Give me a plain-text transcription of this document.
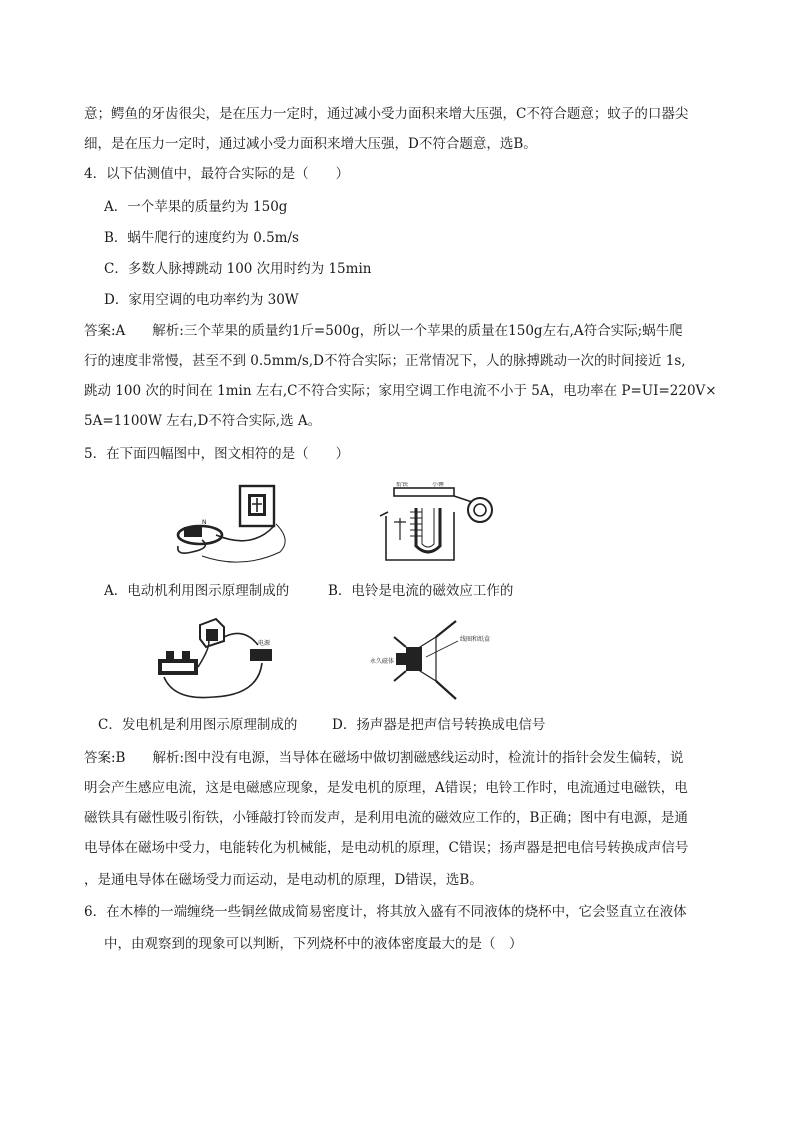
意；鳄鱼的牙齿很尖，是在压力一定时，通过减小受力面积来增大压强，C不符合题意；蚊子的口器尖
细，是在压力一定时，通过减小受力面积来增大压强，D不符合题意，选B。
4．以下估测值中，最符合实际的是（　　）
A．一个苹果的质量约为 150g
B．蜗牛爬行的速度约为 0.5m/s
C．多数人脉搏跳动 100 次用时约为 15min
D．家用空调的电功率约为 30W
答案:A　　解析:三个苹果的质量约1斤=500g，所以一个苹果的质量在150g左右,A符合实际;蜗牛爬
行的速度非常慢，甚至不到 0.5mm/s,D不符合实际；正常情况下，人的脉搏跳动一次的时间接近 1s,
跳动 100 次的时间在 1min 左右,C不符合实际；家用空调工作电流不小于 5A，电功率在 P=UI=220V×
5A=1100W 左右,D不符合实际,选 A。
5．在下面四幅图中，图文相符的是（　　）
N
衔铁	小锤
A．电动机利用图示原理制成的	B．电铃是电流的磁效应工作的
电源
永久磁体
线圈和纸盒
C．发电机是利用图示原理制成的	D．扬声器是把声信号转换成电信号
答案:B　　解析:图中没有电源，当导体在磁场中做切割磁感线运动时，检流计的指针会发生偏转，说
明会产生感应电流，这是电磁感应现象，是发电机的原理，A错误；电铃工作时，电流通过电磁铁，电
磁铁具有磁性吸引衔铁，小锤敲打铃而发声，是利用电流的磁效应工作的，B正确；图中有电源，是通
电导体在磁场中受力，电能转化为机械能，是电动机的原理，C错误；扬声器是把电信号转换成声信号
，是通电导体在磁场受力而运动，是电动机的原理，D错误，选B。
6．在木棒的一端缠绕一些铜丝做成简易密度计，将其放入盛有不同液体的烧杯中，它会竖直立在液体
中，由观察到的现象可以判断，下列烧杯中的液体密度最大的是（　）
